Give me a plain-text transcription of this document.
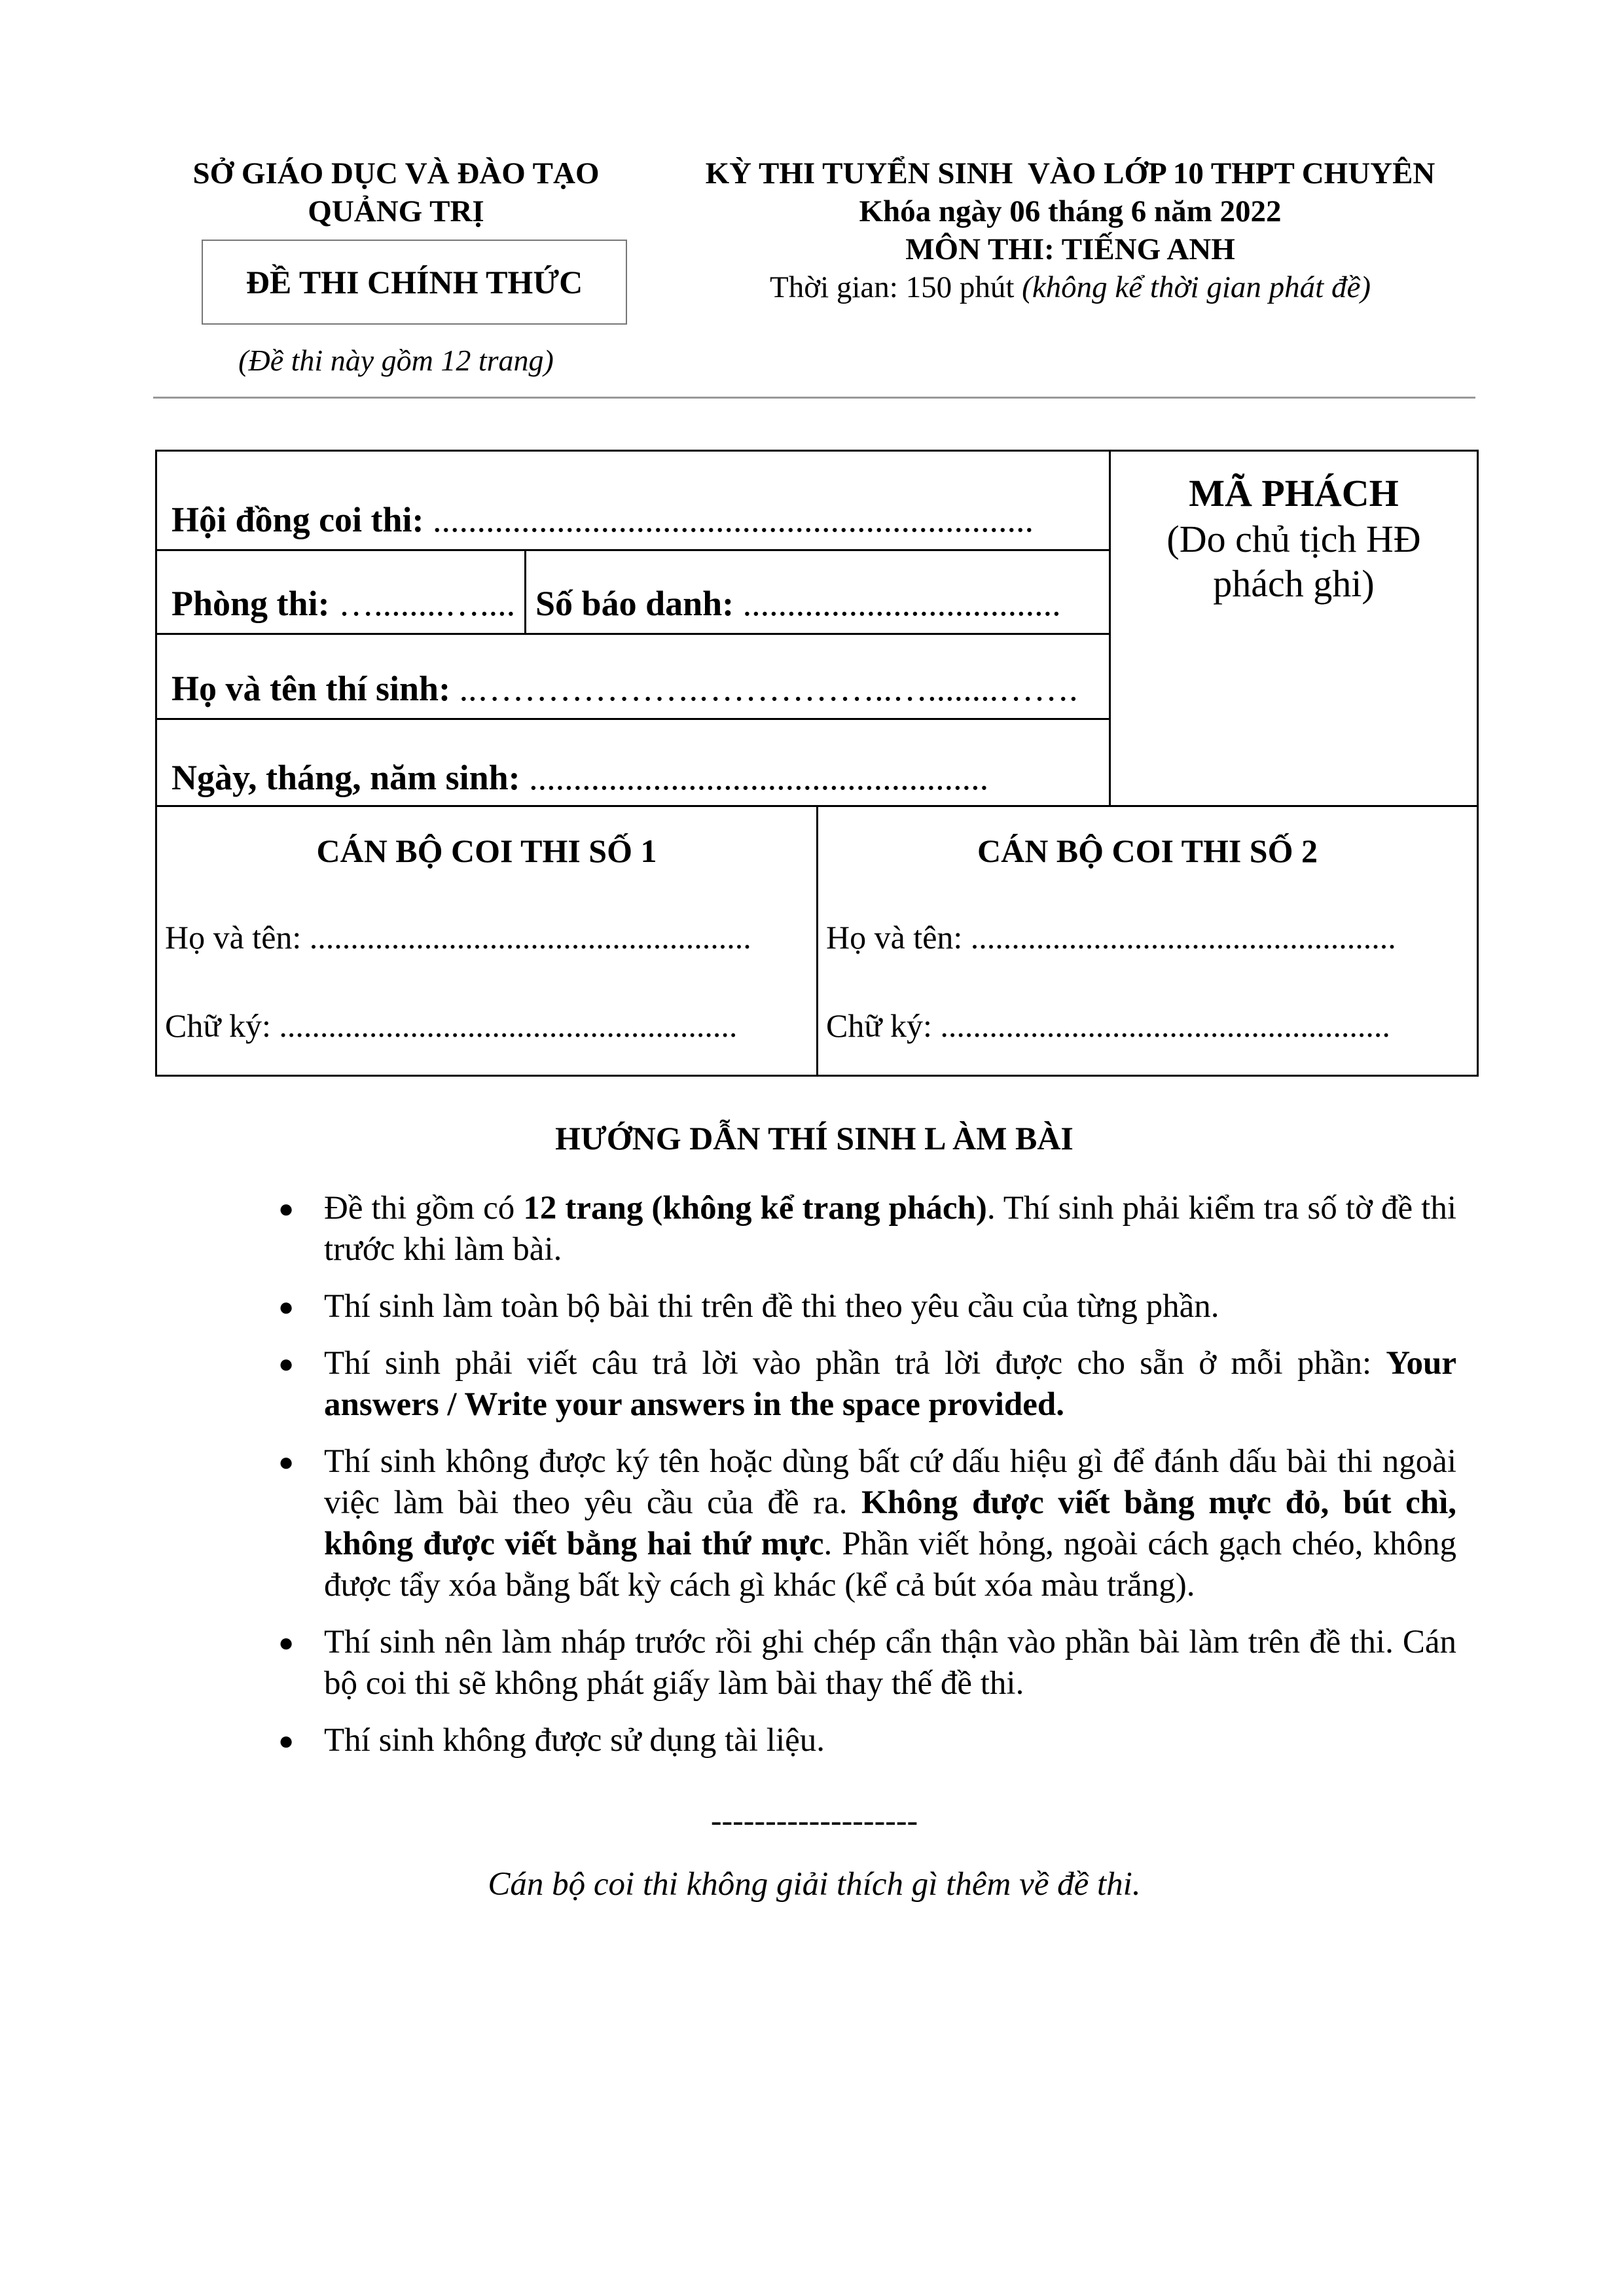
SỞ GIÁO DỤC VÀ ĐÀO TẠO
QUẢNG TRỊ
ĐỀ THI CHÍNH THỨC
(Đề thi này gồm 12 trang)
KỲ THI TUYỂN SINH  VÀO LỚP 10 THPT CHUYÊN
Khóa ngày 06 tháng 6 năm 2022
MÔN THI: TIẾNG ANH
Thời gian: 150 phút (không kể thời gian phát đề)
Hội đồng coi thi: ....................................................................
Phòng thi: …........….... Số báo danh: ....................................
Họ và tên thí sinh: ..……………….……………..…........…….
Ngày, tháng, năm sinh: ....................................................
MÃ PHÁCH
(Do chủ tịch HĐ
phách ghi)
CÁN BỘ COI THI SỐ 1
Họ và tên: ......................................................
Chữ ký: ........................................................
CÁN BỘ COI THI SỐ 2
Họ và tên: ....................................................
Chữ ký: .......................................................
HƯỚNG DẪN THÍ SINH L ÀM BÀI
● Đề thi gồm có 12 trang (không kể trang phách). Thí sinh phải kiểm tra số tờ đề thi trước khi làm bài.
● Thí sinh làm toàn bộ bài thi trên đề thi theo yêu cầu của từng phần.
● Thí sinh phải viết câu trả lời vào phần trả lời được cho sẵn ở mỗi phần: Your answers / Write your answers in the space provided.
● Thí sinh không được ký tên hoặc dùng bất cứ dấu hiệu gì để đánh dấu bài thi ngoài việc làm bài theo yêu cầu của đề ra. Không được viết bằng mực đỏ, bút chì, không được viết bằng hai thứ mực. Phần viết hỏng, ngoài cách gạch chéo, không được tẩy xóa bằng bất kỳ cách gì khác (kể cả bút xóa màu trắng).
● Thí sinh nên làm nháp trước rồi ghi chép cẩn thận vào phần bài làm trên đề thi. Cán bộ coi thi sẽ không phát giấy làm bài thay thế đề thi.
● Thí sinh không được sử dụng tài liệu.
-------------------
Cán bộ coi thi không giải thích gì thêm về đề thi.
